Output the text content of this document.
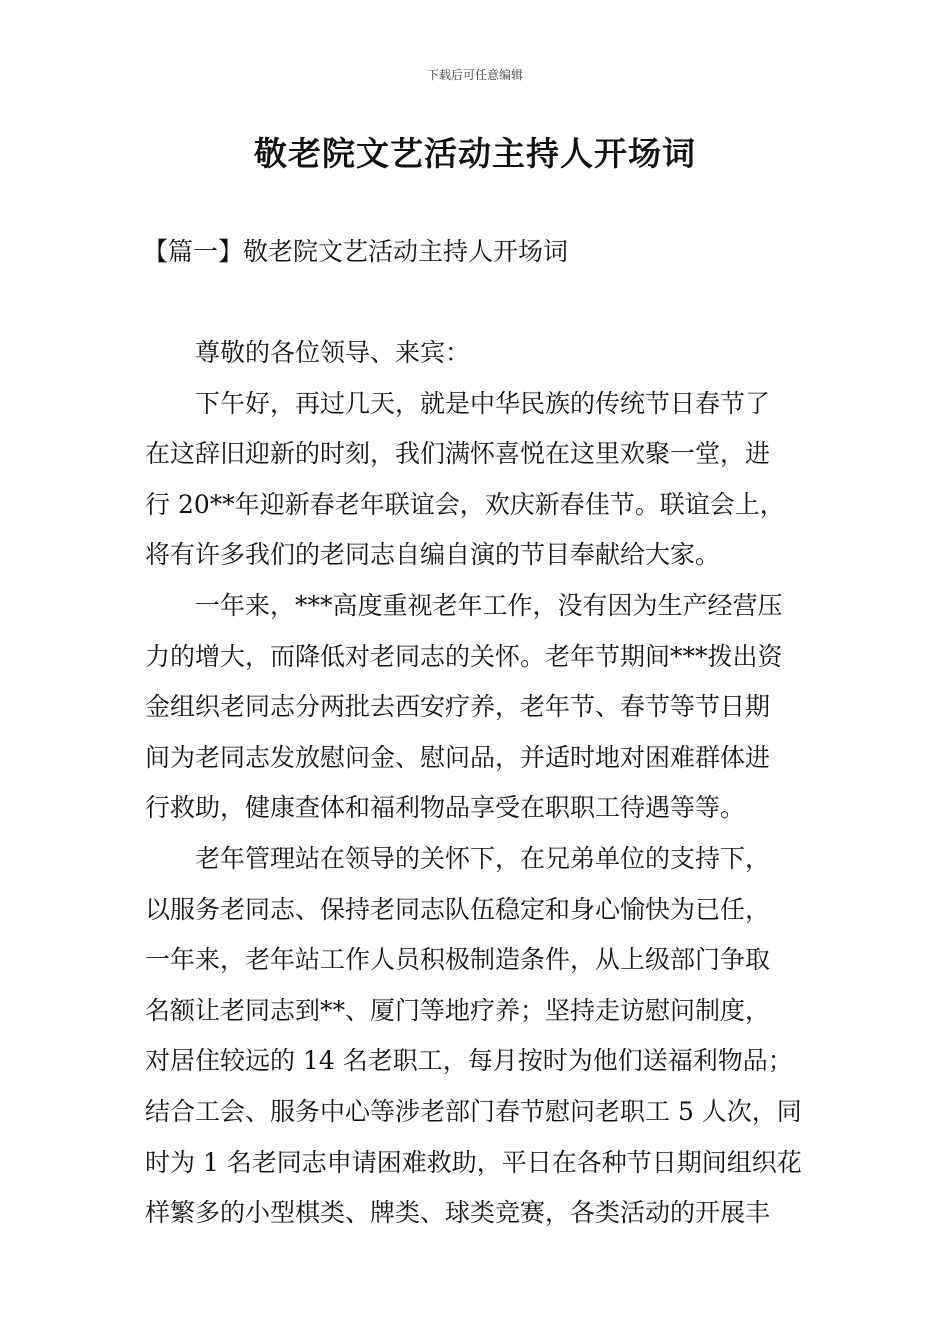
下载后可任意编辑
敬老院文艺活动主持人开场词
【篇一】敬老院文艺活动主持人开场词
尊敬的各位领导、来宾：
下午好，再过几天，就是中华民族的传统节日春节了
在这辞旧迎新的时刻，我们满怀喜悦在这里欢聚一堂，进
行 20**年迎新春老年联谊会，欢庆新春佳节。联谊会上，
将有许多我们的老同志自编自演的节目奉献给大家。
一年来，***高度重视老年工作，没有因为生产经营压
力的增大，而降低对老同志的关怀。老年节期间***拨出资
金组织老同志分两批去西安疗养，老年节、春节等节日期
间为老同志发放慰问金、慰问品，并适时地对困难群体进
行救助，健康查体和福利物品享受在职职工待遇等等。
老年管理站在领导的关怀下，在兄弟单位的支持下，
以服务老同志、保持老同志队伍稳定和身心愉快为已任，
一年来，老年站工作人员积极制造条件，从上级部门争取
名额让老同志到**、厦门等地疗养；坚持走访慰问制度，
对居住较远的 14 名老职工，每月按时为他们送福利物品；
结合工会、服务中心等涉老部门春节慰问老职工 5 人次，同
时为 1 名老同志申请困难救助，平日在各种节日期间组织花
样繁多的小型棋类、牌类、球类竞赛，各类活动的开展丰
